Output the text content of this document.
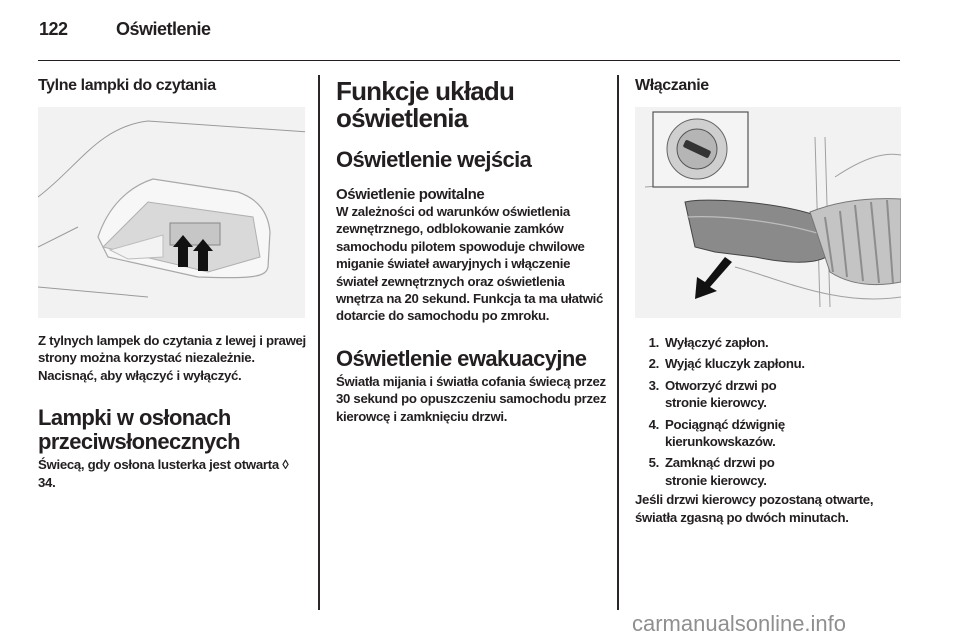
122	Oświetlenie
Tylne lampki do czytania

Z tylnych lampek do czytania z lewej i prawej strony można korzystać niezależnie. Nacisnąć, aby włączyć i wyłączyć.

Lampki w osłonach przeciwsłonecznych

Świecą, gdy osłona lusterka jest otwarta ◊ 34.

Funkcje układu oświetlenia
Oświetlenie wejścia
Oświetlenie powitalne

W zależności od warunków oświetlenia zewnętrznego, odblokowanie zamków samochodu pilotem spowoduje chwilowe miganie świateł awaryjnych i włączenie świateł zewnętrznych oraz oświetlenia wnętrza na 20 sekund. Funkcja ta ma ułatwić dotarcie do samochodu po zmroku.

Oświetlenie ewakuacyjne

Światła mijania i światła cofania świecą przez 30 sekund po opuszczeniu samochodu przez kierowcę i zamknięciu drzwi.

Włączanie
1. Wyłączyć zapłon.
2. Wyjąć kluczyk zapłonu.
3. Otworzyć drzwi po stronie kierowcy.
4. Pociągnąć dźwignię kierunkowskazów.
5. Zamknąć drzwi po stronie kierowcy.

Jeśli drzwi kierowcy pozostaną otwarte, światła zgasną po dwóch minutach.

carmanualsonline.info
